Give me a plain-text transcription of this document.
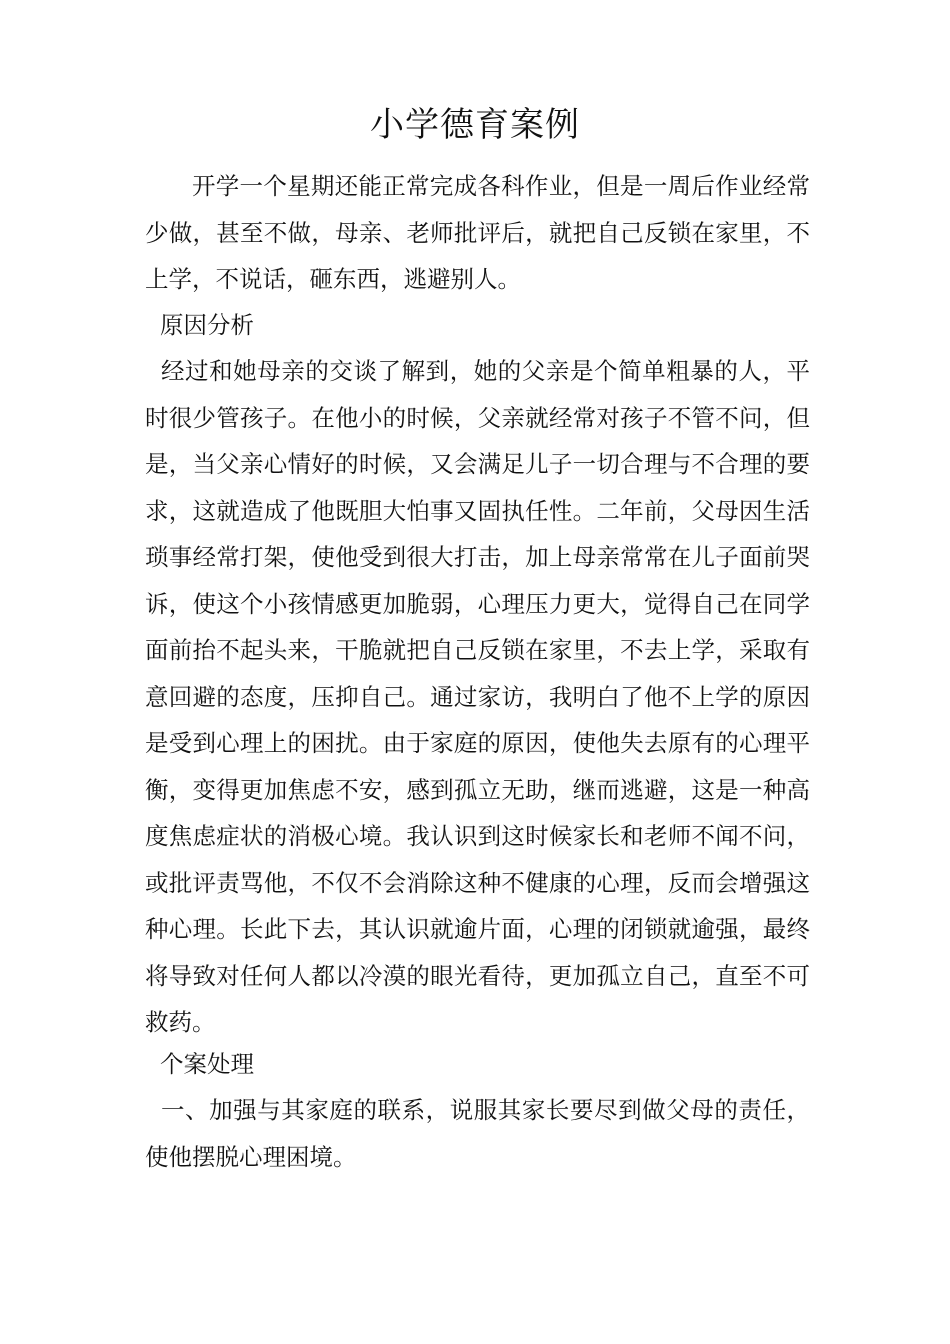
小学德育案例

开学一个星期还能正常完成各科作业，但是一周后作业经常少做，甚至不做，母亲、老师批评后，就把自己反锁在家里，不上学，不说话，砸东西，逃避别人。

原因分析

经过和她母亲的交谈了解到，她的父亲是个简单粗暴的人，平时很少管孩子。在他小的时候，父亲就经常对孩子不管不问，但是，当父亲心情好的时候，又会满足儿子一切合理与不合理的要求，这就造成了他既胆大怕事又固执任性。二年前，父母因生活琐事经常打架，使他受到很大打击，加上母亲常常在儿子面前哭诉，使这个小孩情感更加脆弱，心理压力更大，觉得自己在同学面前抬不起头来，干脆就把自己反锁在家里，不去上学，采取有意回避的态度，压抑自己。通过家访，我明白了他不上学的原因是受到心理上的困扰。由于家庭的原因，使他失去原有的心理平衡，变得更加焦虑不安，感到孤立无助，继而逃避，这是一种高度焦虑症状的消极心境。我认识到这时候家长和老师不闻不问，或批评责骂他，不仅不会消除这种不健康的心理，反而会增强这种心理。长此下去，其认识就逾片面，心理的闭锁就逾强，最终将导致对任何人都以冷漠的眼光看待，更加孤立自己，直至不可救药。

个案处理

一、加强与其家庭的联系，说服其家长要尽到做父母的责任，使他摆脱心理困境。
